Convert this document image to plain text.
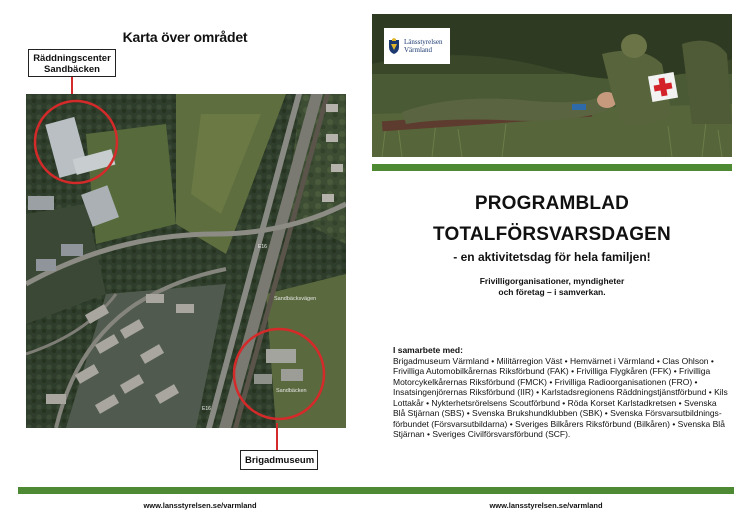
Karta över området
Räddningscenter Sandbäcken
Sandbäcksvägen
Sandbäcken
E16
E16
Brigadmuseum
Länsstyrelsen
Värmland
PROGRAMBLAD
TOTALFÖRSVARSDAGEN
- en aktivitetsdag för hela familjen!
Frivilligorganisationer, myndigheter
och företag – i samverkan.
I samarbete med:
Brigadmuseum Värmland • Militärregion Väst • Hemvärnet i Värmland • Clas Ohlson • Frivilliga Automobilkårernas Riksförbund (FAK) • Frivilliga Flygkåren (FFK) • Frivilliga Motorcykelkårernas Riksförbund (FMCK) • Frivilliga Radioorganisationen (FRO) • Insatsingenjörernas Riksförbund (IIR) • Karlstadsregionens Räddningstjänstförbund • Kils Lottakår • Nykterhetsrörelsens Scoutförbund • Röda Korset Karlstadkretsen • Svenska Blå Stjärnan (SBS) • Svenska Brukshundklubben (SBK) • Svenska Försvarsutbildningsförbundet (Försvarsutbildarna) • Sveriges Bilkårers Riksförbund (Bilkåren) • Svenska Blå Stjärnan • Sveriges Civilförsvarsförbund (SCF).
www.lansstyrelsen.se/varmland	www.lansstyrelsen.se/varmland
